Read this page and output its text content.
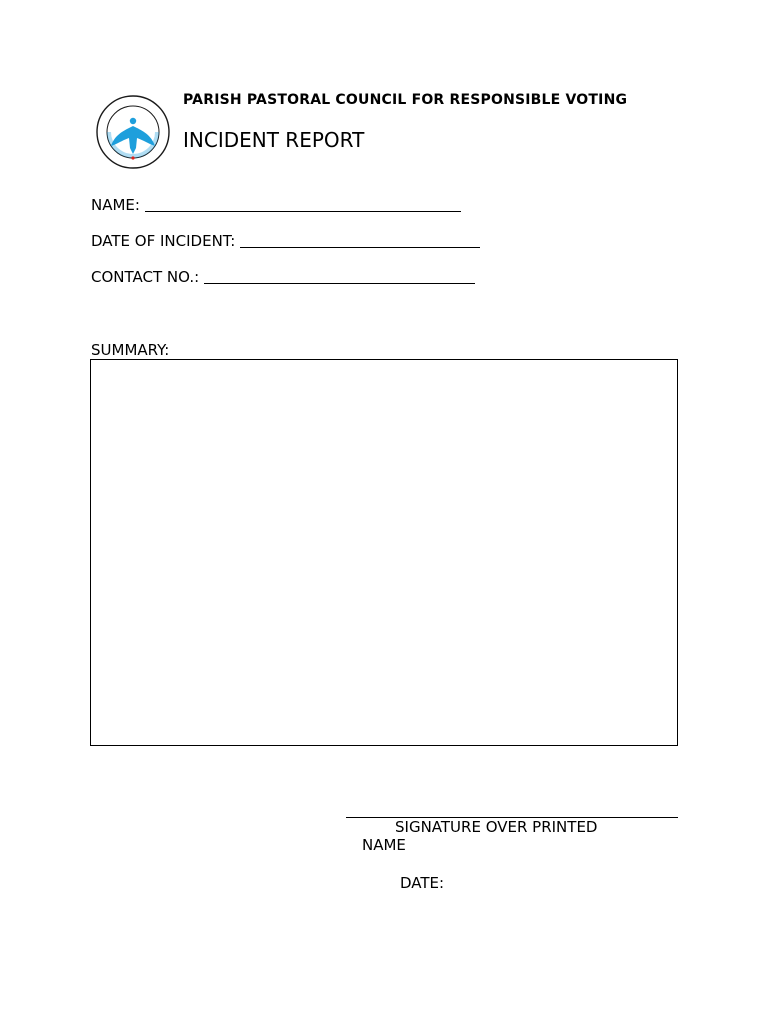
PARISH PASTORAL COUNCIL FOR RESPONSIBLE VOTING
INCIDENT REPORT
NAME:
DATE OF INCIDENT:
CONTACT NO.:
SUMMARY:
SIGNATURE OVER PRINTED
NAME
DATE:
